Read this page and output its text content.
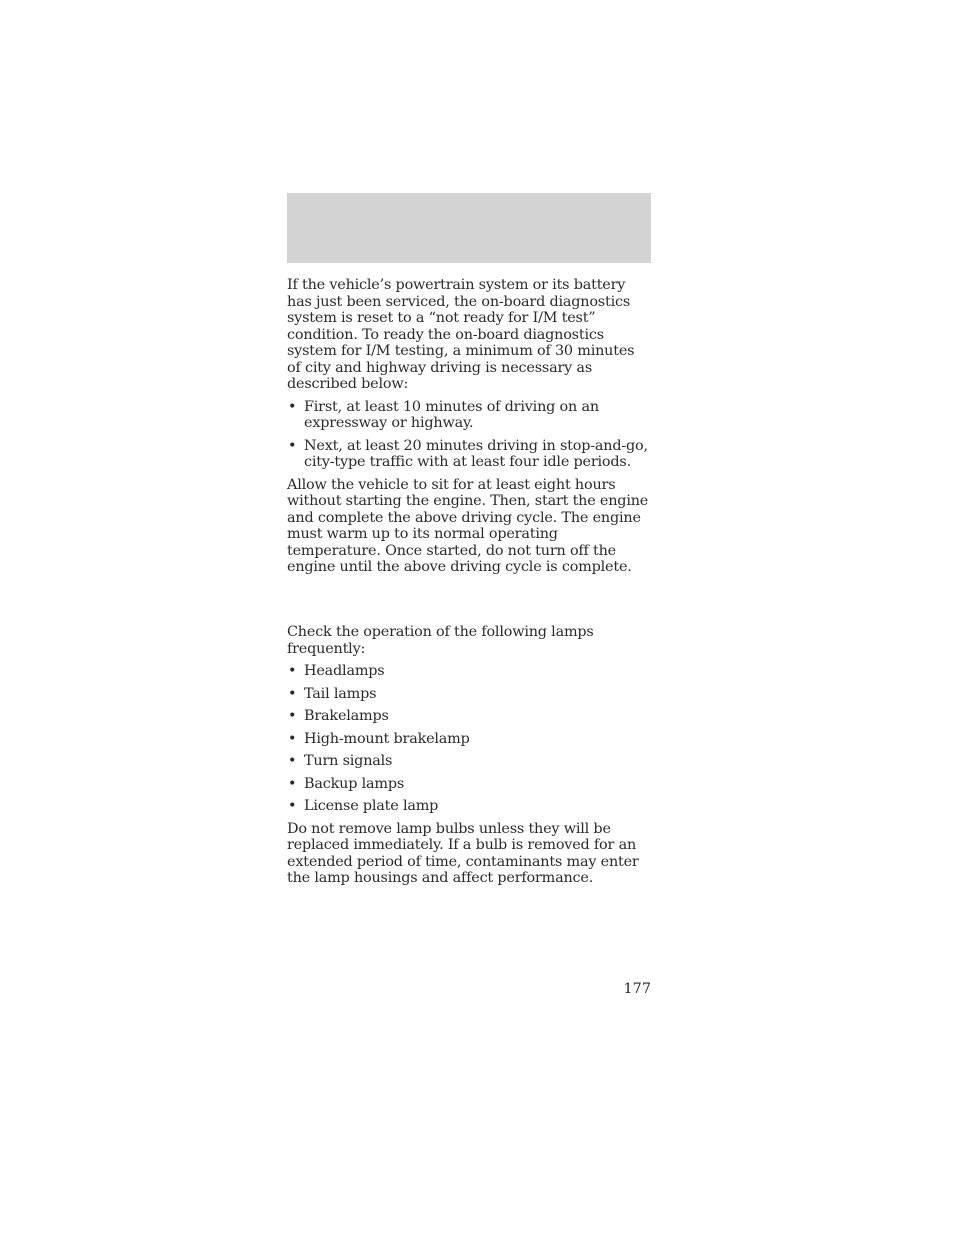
If the vehicle’s powertrain system or its battery has just been serviced, the on-board diagnostics system is reset to a “not ready for I/M test” condition. To ready the on-board diagnostics system for I/M testing, a minimum of 30 minutes of city and highway driving is necessary as described below:

• First, at least 10 minutes of driving on an expressway or highway.
• Next, at least 20 minutes driving in stop-and-go, city-type traffic with at least four idle periods.

Allow the vehicle to sit for at least eight hours without starting the engine. Then, start the engine and complete the above driving cycle. The engine must warm up to its normal operating temperature. Once started, do not turn off the engine until the above driving cycle is complete.

Check the operation of the following lamps frequently:

• Headlamps
• Tail lamps
• Brakelamps
• High-mount brakelamp
• Turn signals
• Backup lamps
• License plate lamp

Do not remove lamp bulbs unless they will be replaced immediately. If a bulb is removed for an extended period of time, contaminants may enter the lamp housings and affect performance.

177
